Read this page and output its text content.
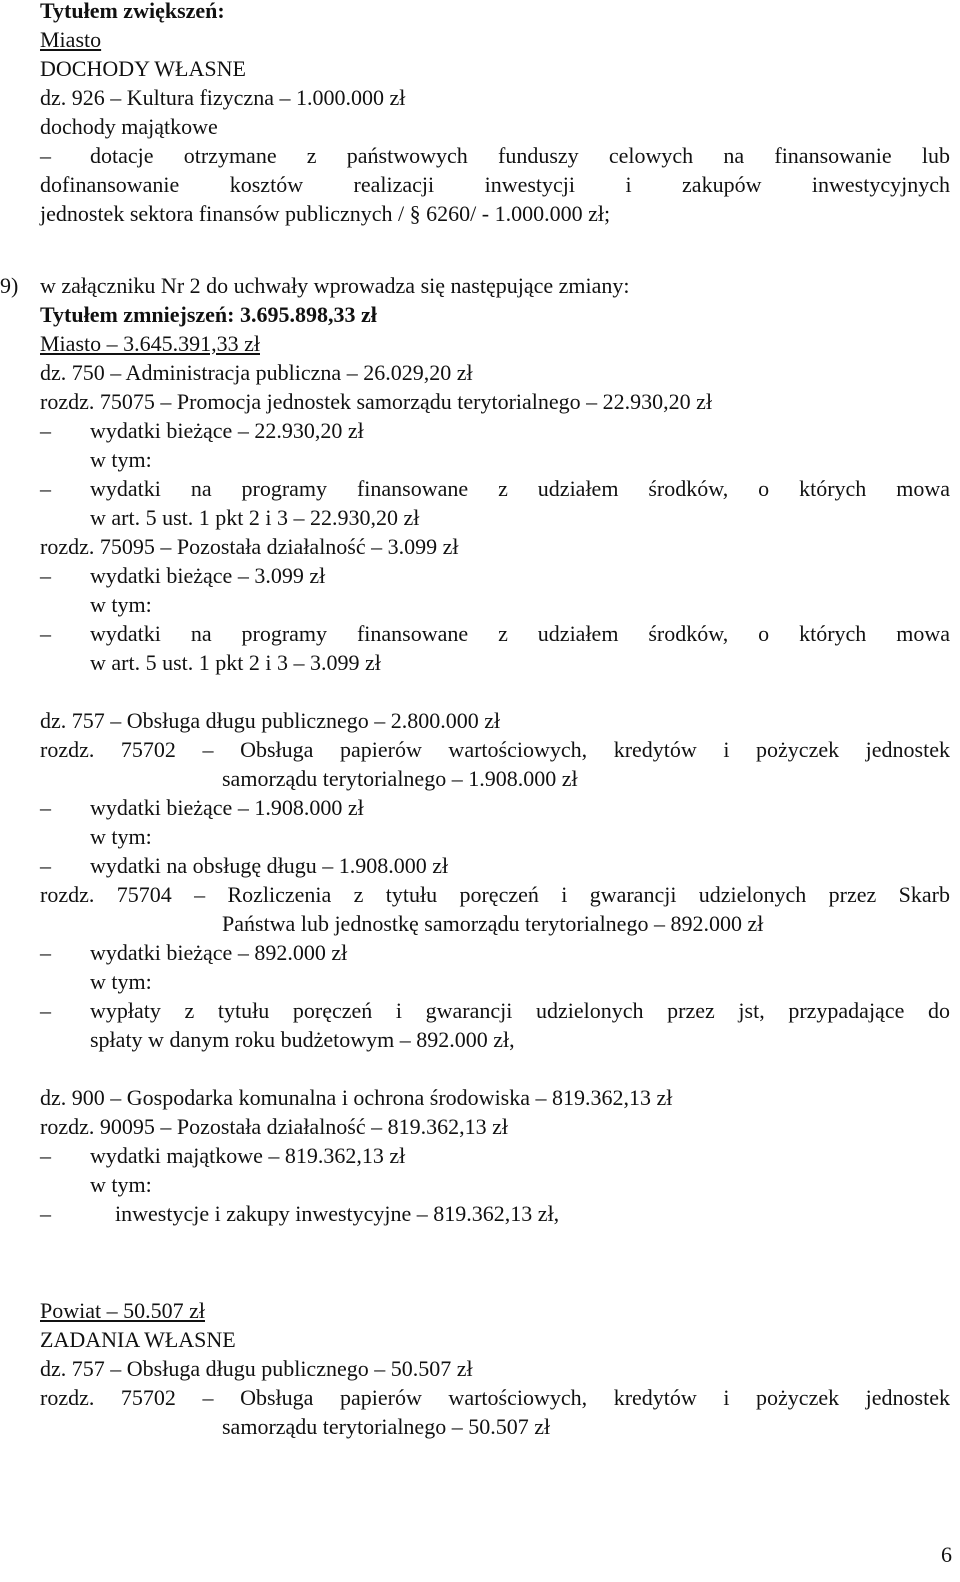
Tytułem zwiększeń:
Miasto
DOCHODY WŁASNE
dz. 926 – Kultura fizyczna – 1.000.000 zł
dochody majątkowe
– dotacje otrzymane z państwowych funduszy celowych na finansowanie lub
dofinansowanie kosztów realizacji inwestycji i zakupów inwestycyjnych
jednostek sektora finansów publicznych / § 6260/ - 1.000.000 zł;
9) w załączniku Nr 2 do uchwały wprowadza się następujące zmiany:
Tytułem zmniejszeń: 3.695.898,33 zł
Miasto – 3.645.391,33 zł
dz. 750 – Administracja publiczna – 26.029,20 zł
rozdz. 75075 – Promocja jednostek samorządu terytorialnego – 22.930,20 zł
– wydatki bieżące – 22.930,20 zł
w tym:
– wydatki na programy finansowane z udziałem środków, o których mowa
w art. 5 ust. 1 pkt 2 i 3 – 22.930,20 zł
rozdz. 75095 – Pozostała działalność – 3.099 zł
– wydatki bieżące – 3.099 zł
w tym:
– wydatki na programy finansowane z udziałem środków, o których mowa
w art. 5 ust. 1 pkt 2 i 3 – 3.099 zł
dz. 757 – Obsługa długu publicznego – 2.800.000 zł
rozdz. 75702 – Obsługa papierów wartościowych, kredytów i pożyczek jednostek
samorządu terytorialnego – 1.908.000 zł
– wydatki bieżące – 1.908.000 zł
w tym:
– wydatki na obsługę długu – 1.908.000 zł
rozdz. 75704 – Rozliczenia z tytułu poręczeń i gwarancji udzielonych przez Skarb
Państwa lub jednostkę samorządu terytorialnego – 892.000 zł
– wydatki bieżące – 892.000 zł
w tym:
– wypłaty z tytułu poręczeń i gwarancji udzielonych przez jst, przypadające do
spłaty w danym roku budżetowym – 892.000 zł,
dz. 900 – Gospodarka komunalna i ochrona środowiska – 819.362,13 zł
rozdz. 90095 – Pozostała działalność – 819.362,13 zł
– wydatki majątkowe – 819.362,13 zł
w tym:
–	inwestycje i zakupy inwestycyjne – 819.362,13 zł,
Powiat – 50.507 zł
ZADANIA WŁASNE
dz. 757 – Obsługa długu publicznego – 50.507 zł
rozdz. 75702 – Obsługa papierów wartościowych, kredytów i pożyczek jednostek
samorządu terytorialnego – 50.507 zł
6
